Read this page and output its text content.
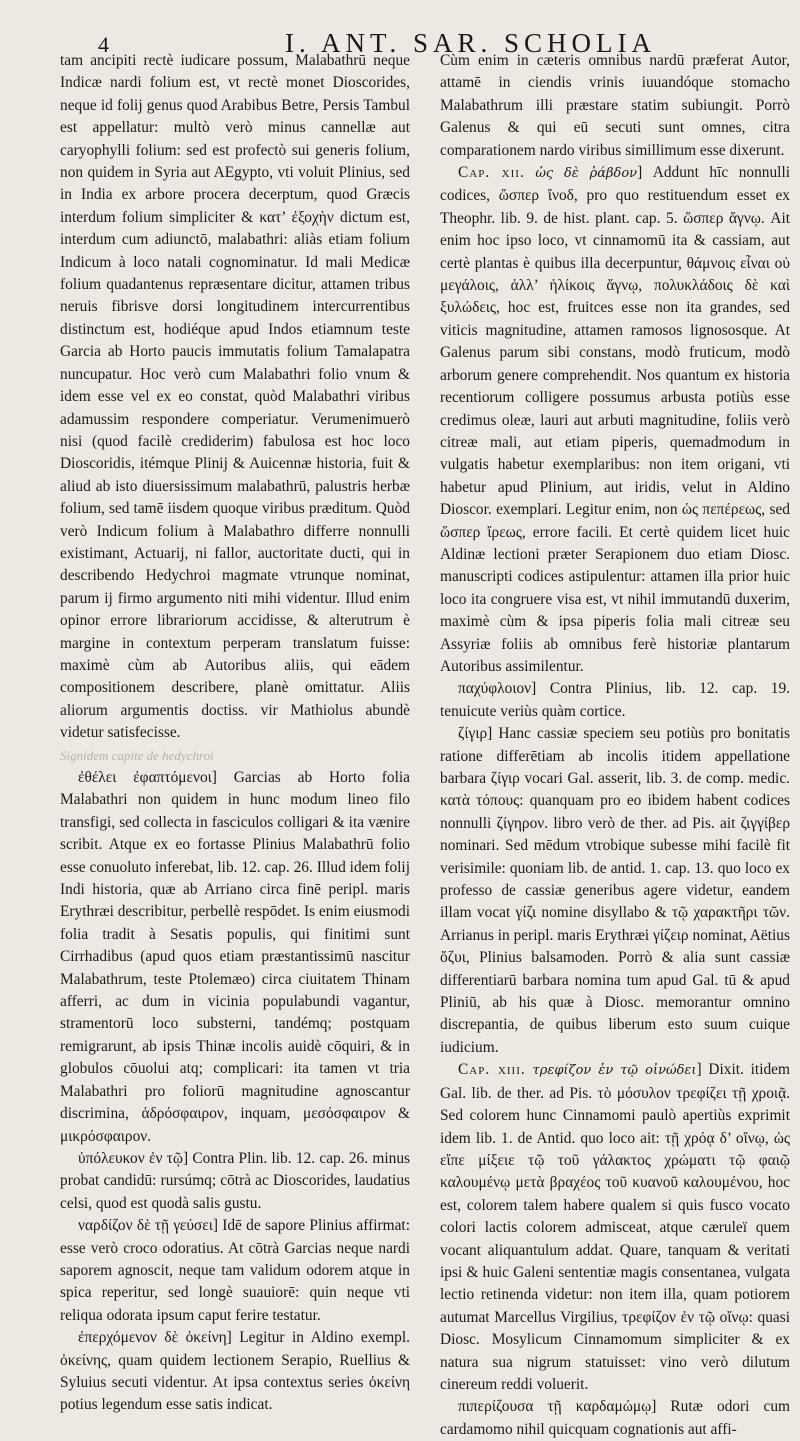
4	I. ANT. SAR. SCHOLIA

tam ancipiti rectè iudicare possum, Malabathrū neque Indicæ nardi folium est, vt rectè monet Dioscorides, neque id folij genus quod Arabibus Betre, Persis Tambul est appellatur: multò verò minus cannellæ aut caryophylli folium: sed est profectò sui generis folium, non quidem in Syria aut AEgypto, vti voluit Plinius, sed in India ex arbore procera decerptum, quod Græcis interdum folium simpliciter & κατ’ ἐξοχὴν dictum est, interdum cum adiunctō, malabathri: aliàs etiam folium Indicum à loco natali cognominatur. Id mali Medicæ folium quadantenus repræsentare dicitur, attamen tribus neruis fibrisve dorsi longitudinem intercurrentibus distinctum est, hodiéque apud Indos etiamnum teste Garcia ab Horto paucis immutatis folium Tamalapatra nuncupatur. Hoc verò cum Malabathri folio vnum & idem esse vel ex eo constat, quòd Malabathri viribus adamussim respondere comperiatur. Verumenimuerò nisi (quod facilè crediderim) fabulosa est hoc loco Dioscoridis, itémque Plinij & Auicennæ historia, fuit & aliud ab isto diuersissimum malabathrū, palustris herbæ folium, sed tamē iisdem quoque viribus præditum. Quòd verò Indicum folium à Malabathro differre nonnulli existimant, Actuarij, ni fallor, auctoritate ducti, qui in describendo Hedychroi magmate vtrunque nominat, parum ij firmo argumento niti mihi videntur. Illud enim opinor errore librariorum accidisse, & alterutrum è margine in contextum perperam translatum fuisse: maximè cùm ab Autoribus aliis, qui eādem compositionem describere, planè omittatur. Aliis aliorum argumentis doctiss. vir Mathiolus abundè videtur satisfecisse.

Signidem capite de hedychroi

ἐθέλει ἐφαπτόμενοι] Garcias ab Horto folia Malabathri non quidem in hunc modum lineo filo transfigi, sed collecta in fasciculos colligari & ita vænire scribit. Atque ex eo fortasse Plinius Malabathrū folio esse conuoluto inferebat, lib. 12. cap. 26. Illud idem folij Indi historia, quæ ab Arriano circa finē peripl. maris Erythræi describitur, perbellè respōdet. Is enim eiusmodi folia tradit à Sesatis populis, qui finitimi sunt Cirrhadibus (apud quos etiam præstantissimū nascitur Malabathrum, teste Ptolemæo) circa ciuitatem Thinam afferri, ac dum in vicinia populabundi vagantur, stramentorū loco substerni, tandémq; postquam remigrarunt, ab ipsis Thinæ incolis auidè cōquiri, & in globulos cōuolui atq; complicari: ita tamen vt tria Malabathri pro foliorū magnitudine agnoscantur discrimina, ἁδρόσφαιρον, inquam, μεσόσφαιρον & μικρόσφαιρον.

ὑπόλευκον ἐν τῷ] Contra Plin. lib. 12. cap. 26. minus probat candidū: rursúmq; cōtrà ac Dioscorides, laudatius celsi, quod est quodà salis gustu.

ναρδίζον δὲ τῇ γεύσει] Idē de sapore Plinius affirmat: esse verò croco odoratius. At cōtrà Garcias neque nardi saporem agnoscit, neque tam validum odorem atque in spica reperitur, sed longè suauiorē: quin neque vti reliqua odorata ipsum caput ferire testatur.

ἐπερχόμενον δὲ ὀκείνη] Legitur in Aldino exempl. ὀκείνης, quam quidem lectionem Serapio, Ruellius & Syluius secuti videntur. At ipsa contextus series ὀκείνη potius legendum esse satis indicat.

Cùm enim in cæteris omnibus nardū præferat Autor, attamē in ciendis vrinis iuuandóque stomacho Malabathrum illi præstare statim subiungit. Porrò Galenus & qui eū secuti sunt omnes, citra comparationem nardo viribus simillimum esse dixerunt.

Cap. xii. ὡς δὲ ῥάβδον] Addunt hīc nonnulli codices, ὥσπερ ἴνοδ, pro quo restituendum esset ex Theophr. lib. 9. de hist. plant. cap. 5. ὥσπερ ἄγνῳ. Ait enim hoc ipso loco, vt cinnamomū ita & cassiam, aut certè plantas è quibus illa decerpuntur, θάμνοις εἶναι οὐ μεγάλοις, ἀλλ’ ἡλίκοις ἄγνῳ, πολυκλάδοις δὲ καὶ ξυλώδεις, hoc est, fruitces esse non ita grandes, sed viticis magnitudine, attamen ramosos lignososque. At Galenus parum sibi constans, modò fruticum, modò arborum genere comprehendit. Nos quantum ex historia recentiorum colligere possumus arbusta potiùs esse credimus oleæ, lauri aut arbuti magnitudine, foliis verò citreæ mali, aut etiam piperis, quemadmodum in vulgatis habetur exemplaribus: non item origani, vti habetur apud Plinium, aut iridis, velut in Aldino Dioscor. exemplari. Legitur enim, non ὡς πεπέρεως, sed ὥσπερ ἴρεως, errore facili. Et certè quidem licet huic Aldinæ lectioni præter Serapionem duo etiam Diosc. manuscripti codices astipulentur: attamen illa prior huic loco ita congruere visa est, vt nihil immutandū duxerim, maximè cùm & ipsa piperis folia mali citreæ seu Assyriæ foliis ab omnibus ferè historiæ plantarum Autoribus assimilentur.

παχύφλοιον] Contra Plinius, lib. 12. cap. 19. tenuicute veriùs quàm cortice.

ζίγιρ] Hanc cassiæ speciem seu potiùs pro bonitatis ratione differētiam ab incolis itidem appellatione barbara ζίγιρ vocari Gal. asserit, lib. 3. de comp. medic. κατὰ τόπους: quanquam pro eo ibidem habent codices nonnulli ζίγηρον. libro verò de ther. ad Pis. ait ζιγγίβερ nominari. Sed mēdum vtrobique subesse mihi facilè fit verisimile: quoniam lib. de antid. 1. cap. 13. quo loco ex professo de cassiæ generibus agere videtur, eandem illam vocat γίζι nomine disyllabo & τῷ χαρακτῆρι τῶν. Arrianus in peripl. maris Erythræi γίζειρ nominat, Aëtius ὄζυι, Plinius balsamoden. Porrò & alia sunt cassiæ differentiarū barbara nomina tum apud Gal. tū & apud Pliniū, ab his quæ à Diosc. memorantur omnino discrepantia, de quibus liberum esto suum cuique iudicium.

Cap. xiii. τρεφίζον ἐν τῷ οἰνώδει] Dixit. itidem Gal. lib. de ther. ad Pis. τὸ μόσυλον τρεφίζει τῇ χροιᾷ. Sed colorem hunc Cinnamomi paulò apertiùs exprimit idem lib. 1. de Antid. quo loco ait: τῇ χρόᾳ δ’ οἴνῳ, ὡς εἴπε μίξειε τῷ τοῦ γάλακτος χρώματι τῷ φαιῷ καλουμένῳ μετὰ βραχέος τοῦ κυανοῦ καλουμένου, hoc est, colorem talem habere qualem si quis fusco vocato colori lactis colorem admisceat, atque cæruleï quem vocant aliquantulum addat. Quare, tanquam & veritati ipsi & huic Galeni sententiæ magis consentanea, vulgata lectio retinenda videtur: non item illa, quam potiorem autumat Marcellus Virgilius, τρεφίζον ἐν τῷ οἴνῳ: quasi Diosc. Mosylicum Cinnamomum simpliciter & ex natura sua nigrum statuisset: vino verò dilutum cinereum reddi voluerit.

πιπερίζουσα τῇ καρδαμώμῳ] Rutæ odori cum cardamomo nihil quicquam cognationis aut affi-
